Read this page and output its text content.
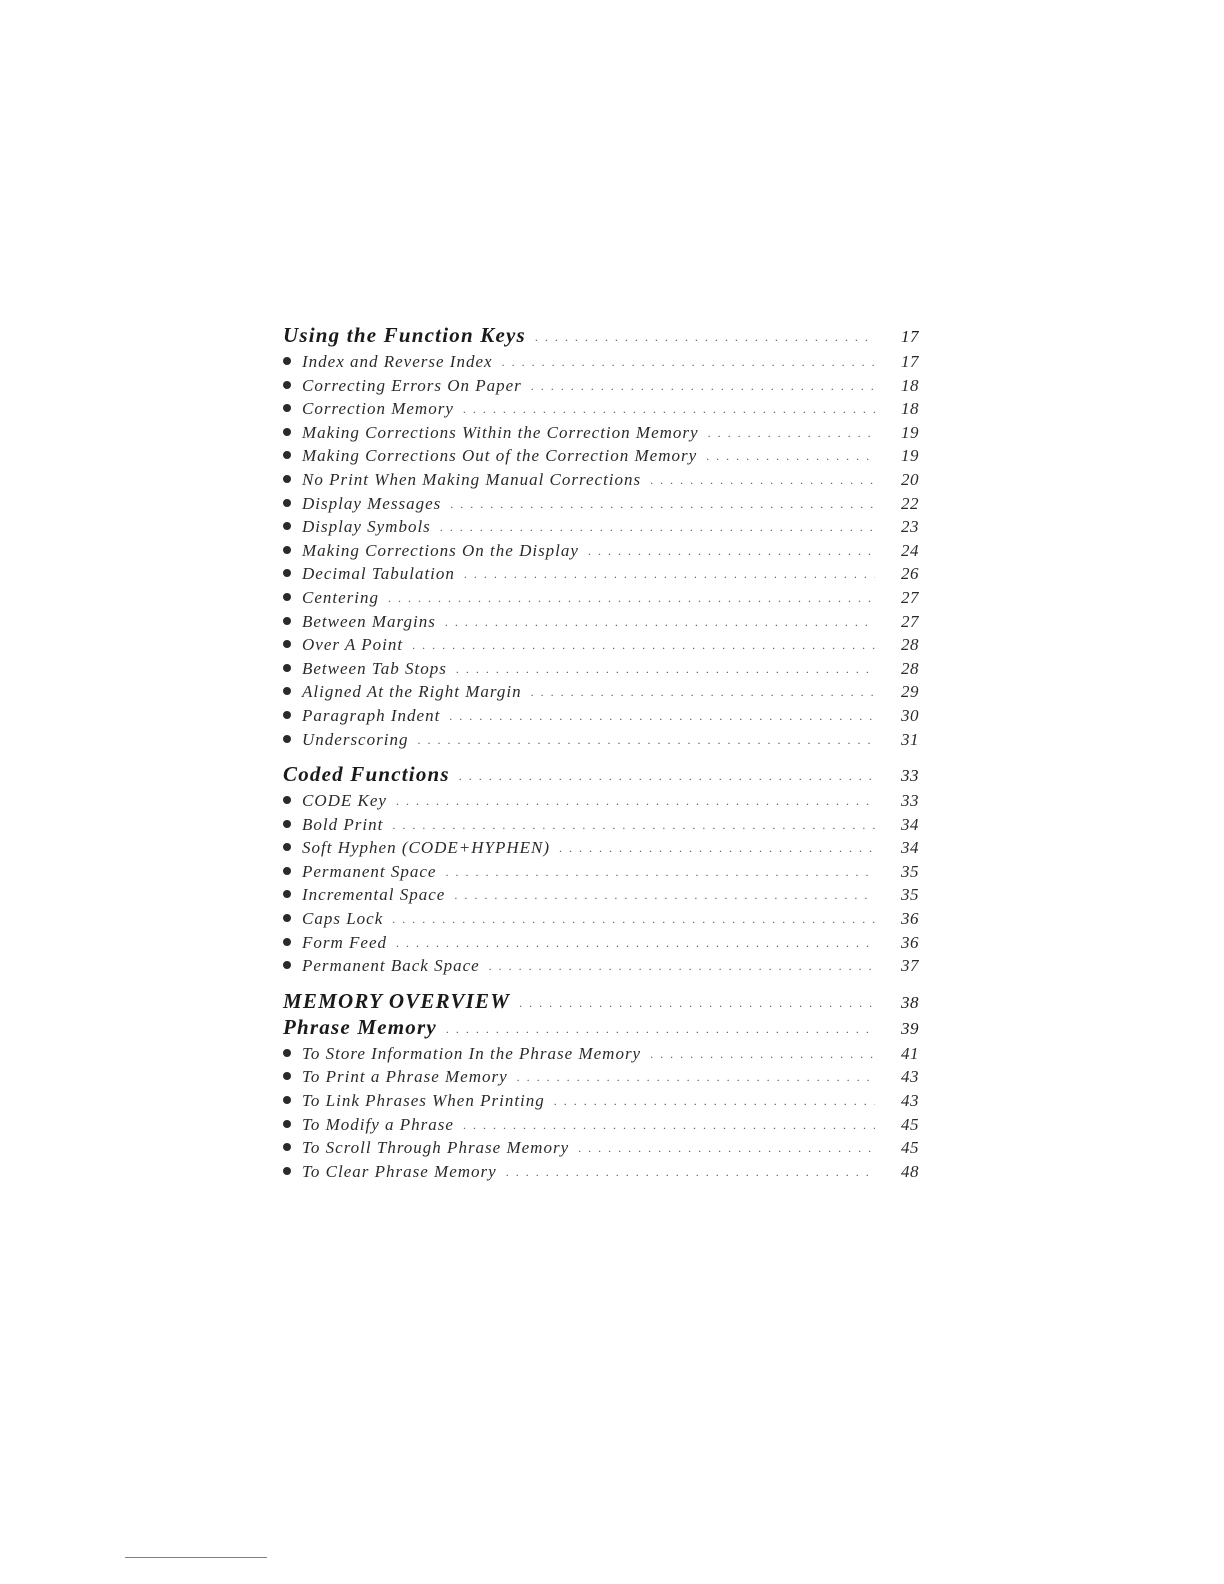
Using the Function Keys . . .	17
Index and Reverse Index . . .	17
Correcting Errors On Paper . . .	18
Correction Memory . . .	18
Making Corrections Within the Correction Memory . . .	19
Making Corrections Out of the Correction Memory . . .	19
No Print When Making Manual Corrections . . .	20
Display Messages . . .	22
Display Symbols . . .	23
Making Corrections On the Display . . .	24
Decimal Tabulation . . .	26
Centering . . .	27
Between Margins . . .	27
Over A Point . . .	28
Between Tab Stops . . .	28
Aligned At the Right Margin . . .	29
Paragraph Indent . . .	30
Underscoring . . .	31
Coded Functions . . .	33
CODE Key . . .	33
Bold Print . . .	34
Soft Hyphen (CODE+HYPHEN) . . .	34
Permanent Space . . .	35
Incremental Space . . .	35
Caps Lock . . .	36
Form Feed . . .	36
Permanent Back Space . . .	37
MEMORY OVERVIEW . . .	38
Phrase Memory . . .	39
To Store Information In the Phrase Memory . . .	41
To Print a Phrase Memory . . .	43
To Link Phrases When Printing . . .	43
To Modify a Phrase . . .	45
To Scroll Through Phrase Memory . . .	45
To Clear Phrase Memory . . .	48
